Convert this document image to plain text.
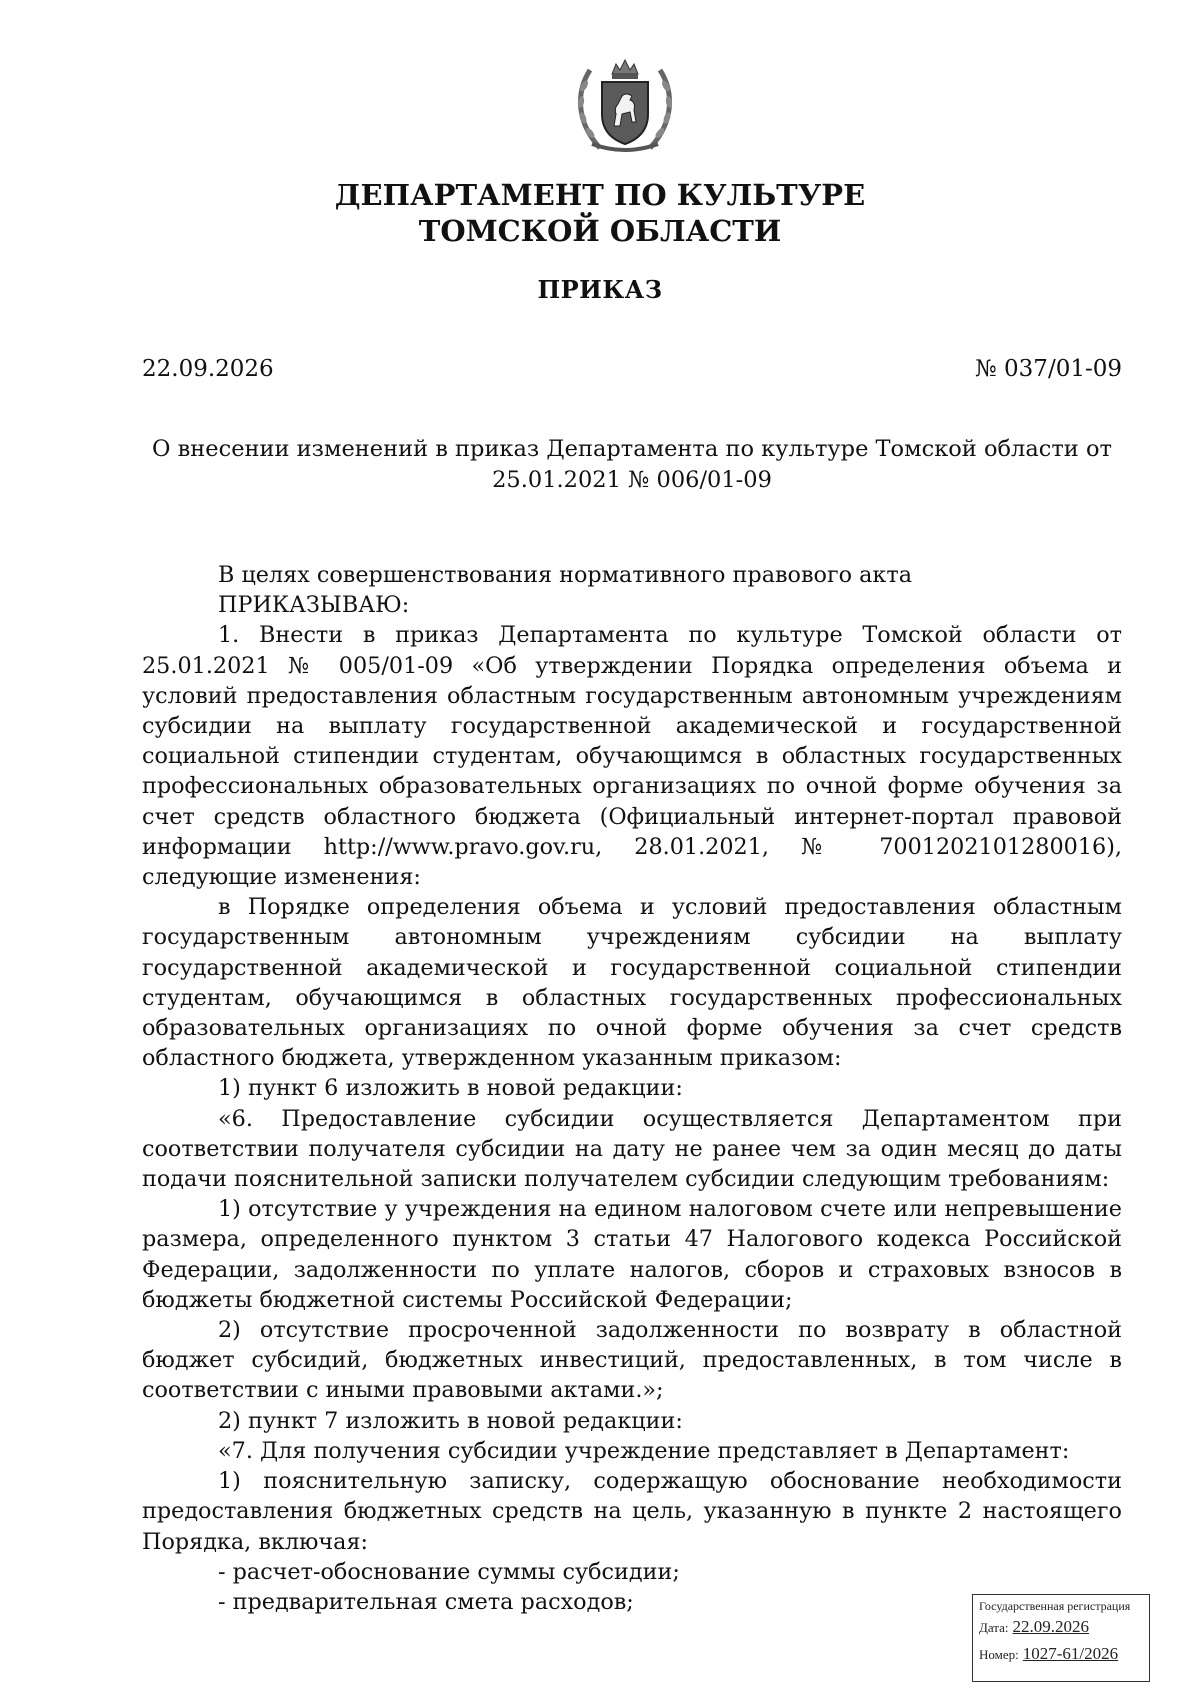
ДЕПАРТАМЕНТ ПО КУЛЬТУРЕ
ТОМСКОЙ ОБЛАСТИ
ПРИКАЗ
22.09.2026	№ 037/01-09
О внесении изменений в приказ Департамента по культуре Томской области от 25.01.2021 № 006/01-09

В целях совершенствования нормативного правового акта

ПРИКАЗЫВАЮ:

1. Внести в приказ Департамента по культуре Томской области от 25.01.2021 № 005/01-09 «Об утверждении Порядка определения объема и условий предоставления областным государственным автономным учреждениям субсидии на выплату государственной академической и государственной социальной стипендии студентам, обучающимся в областных государственных профессиональных образовательных организациях по очной форме обучения за счет средств областного бюджета (Официальный интернет-портал правовой информации http://www.pravo.gov.ru, 28.01.2021, № 7001202101280016), следующие изменения:

в Порядке определения объема и условий предоставления областным государственным автономным учреждениям субсидии на выплату государственной академической и государственной социальной стипендии студентам, обучающимся в областных государственных профессиональных образовательных организациях по очной форме обучения за счет средств областного бюджета, утвержденном указанным приказом:

1) пункт 6 изложить в новой редакции:

«6. Предоставление субсидии осуществляется Департаментом при соответствии получателя субсидии на дату не ранее чем за один месяц до даты подачи пояснительной записки получателем субсидии следующим требованиям:

1) отсутствие у учреждения на едином налоговом счете или непревышение размера, определенного пунктом 3 статьи 47 Налогового кодекса Российской Федерации, задолженности по уплате налогов, сборов и страховых взносов в бюджеты бюджетной системы Российской Федерации;

2) отсутствие просроченной задолженности по возврату в областной бюджет субсидий, бюджетных инвестиций, предоставленных, в том числе в соответствии с иными правовыми актами.»;

2) пункт 7 изложить в новой редакции:

«7. Для получения субсидии учреждение представляет в Департамент:

1) пояснительную записку, содержащую обоснование необходимости предоставления бюджетных средств на цель, указанную в пункте 2 настоящего Порядка, включая:

- расчет-обоснование суммы субсидии;

- предварительная смета расходов;	Государственная регистрация
Дата: 22.09.2026
Номер: 1027-61/2026
